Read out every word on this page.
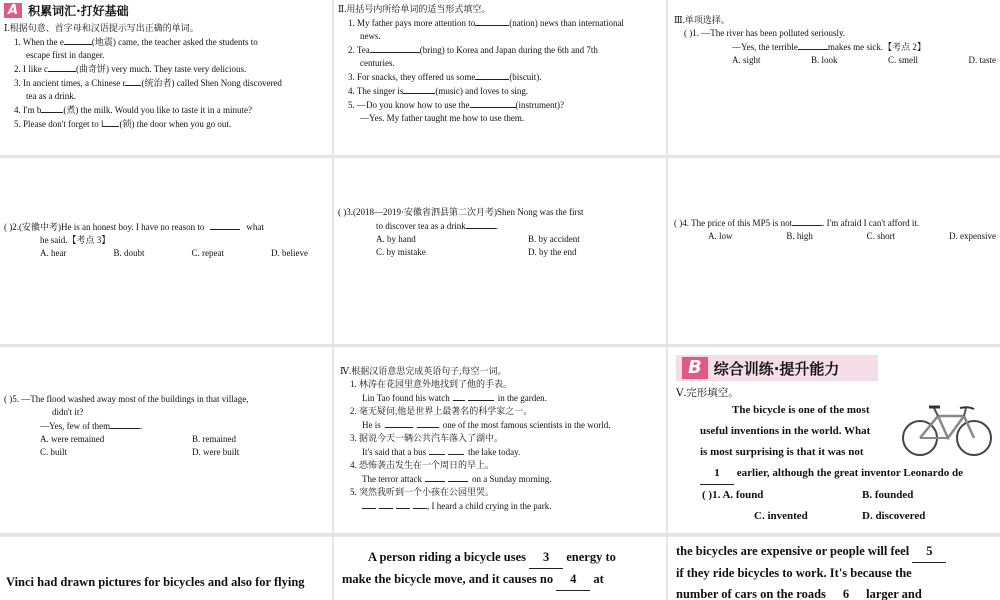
A 积累词汇·打好基础

Ⅰ.根据句意、首字母和汉语提示写出正确的单词。

1. When the e	(地震) came, the teacher asked the students to

escape first in danger.

2. I like c	(曲奇饼) very much. They taste very delicious.

3. In ancient times, a Chinese r (统治者) called Shen Nong discovered

tea as a drink.

4. I'm b (煮) the milk. Would you like to taste it in a minute?

5. Please don't forget to l (锁) the door when you go out.

Ⅱ.用括号内所给单词的适当形式填空。

1. My father pays more attention to	(nation) news than international

news.

2. Tea	(bring) to Korea and Japan during the 6th and 7th

centuries.

3. For snacks, they offered us some	(biscuit).

4. The singer is	(music) and loves to sing.

5. —Do you know how to use the	(instrument)?

—Yes. My father taught me how to use them.

Ⅲ.单项选择。

( )1. —The river has been polluted seriously.

—Yes, the terrible	makes me sick.【考点 2】

A. sight	B. look	C. smell	D. taste

( )2.(安徽中考)He is an honest boy. I have no reason to	what

he said.【考点 3】

A. hear	B. doubt	C. repeat	D. believe

( )3.(2018—2019·安徽省泗县第二次月考)Shen Nong was the first

to discover tea as a drink	.

A. by hand	B. by accident
C. by mistake	D. by the end

( )4. The price of this MP5 is not	. I'm afraid I can't afford it.

A. low	B. high	C. short	D. expensive

( )5. —The flood washed away most of the buildings in that village,

didn't it?

—Yes, few of them	.

A. were remained	B. remained
C. built	D. were built

Ⅳ.根据汉语意思完成英语句子,每空一词。

1. 林涛在花园里意外地找到了他的手表。

Lin Tao found his watch	in the garden.

2. 毫无疑问,他是世界上最著名的科学家之一。

He is	one of the most famous scientists in the world.

3. 据说今天一辆公共汽车落入了湖中。

It's said that a bus	the lake today.

4. 恐怖袭击发生在一个周日的早上。

The terror attack	on a Sunday morning.

5. 突然我听到一个小孩在公园里哭。

, I heard a child crying in the park.

B 综合训练·提升能力

Ⅴ.完形填空。

The bicycle is one of the most

useful inventions in the world. What

is most surprising is that it was not

1 earlier, although the great inventor Leonardo de

( )1. A. found	B. founded
C. invented	D. discovered

Vinci had drawn pictures for bicycles and also for flying

A person riding a bicycle uses 3 energy to

make the bicycle move, and it causes no 4 at

the bicycles are expensive or people will feel 5

if they ride bicycles to work. It's because the

number of cars on the roads 6 larger and
